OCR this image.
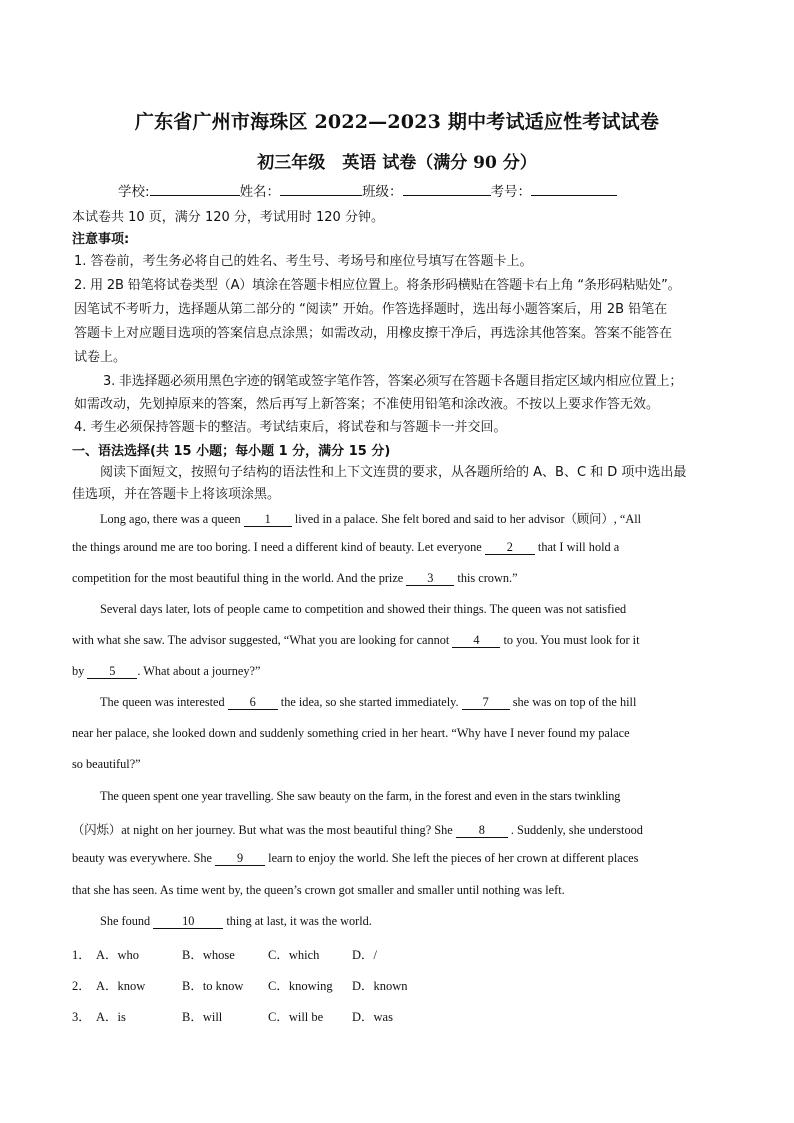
广东省广州市海珠区 2022—2023 期中考试适应性考试试卷
初三年级　英语 试卷（满分 90 分）
学校:	姓名：	班级：	考号：
本试卷共 10 页，满分 120 分，考试用时 120 分钟。
注意事项:
1. 答卷前，考生务必将自己的姓名、考生号、考场号和座位号填写在答题卡上。
2. 用 2B 铅笔将试卷类型（A）填涂在答题卡相应位置上。将条形码横贴在答题卡右上角 “条形码粘贴处”。
因笔试不考听力，选择题从第二部分的 “阅读” 开始。作答选择题时，选出每小题答案后，用 2B 铅笔在
答题卡上对应题目选项的答案信息点涂黑；如需改动，用橡皮擦干净后，再选涂其他答案。答案不能答在
试卷上。
3. 非选择题必须用黑色字迹的钢笔或签字笔作答，答案必须写在答题卡各题目指定区域内相应位置上；
如需改动，先划掉原来的答案，然后再写上新答案；不准使用铅笔和涂改液。不按以上要求作答无效。
4. 考生必须保持答题卡的整洁。考试结束后，将试卷和与答题卡一并交回。
一、语法选择(共 15 小题；每小题 1 分，满分 15 分)
阅读下面短文，按照句子结构的语法性和上下文连贯的要求，从各题所给的 A、B、C 和 D 项中选出最
佳选项，并在答题卡上将该项涂黑。
Long ago, there was a queen 1 lived in a palace. She felt bored and said to her advisor（顾问）, “All
the things around me are too boring. I need a different kind of beauty. Let everyone 2 that I will hold a
competition for the most beautiful thing in the world. And the prize 3 this crown.”
Several days later, lots of people came to competition and showed their things. The queen was not satisfied
with what she saw. The advisor suggested, “What you are looking for cannot 4 to you. You must look for it
by 5 . What about a journey?”
The queen was interested 6 the idea, so she started immediately. 7 she was on top of the hill
near her palace, she looked down and suddenly something cried in her heart. “Why have I never found my palace
so beautiful?”
The queen spent one year travelling. She saw beauty on the farm, in the forest and even in the stars twinkling
（闪烁）at night on her journey. But what was the most beautiful thing? She 8 . Suddenly, she understood
beauty was everywhere. She 9 learn to enjoy the world. She left the pieces of her crown at different places
that she has seen. As time went by, the queen’s crown got smaller and smaller until nothing was left.
She found 10 thing at last, it was the world.
1． A．who	B．whose	C．which	D．/
2． A．know	B．to know C．knowing D．known
3． A．is	B．will	C．will be D．was
